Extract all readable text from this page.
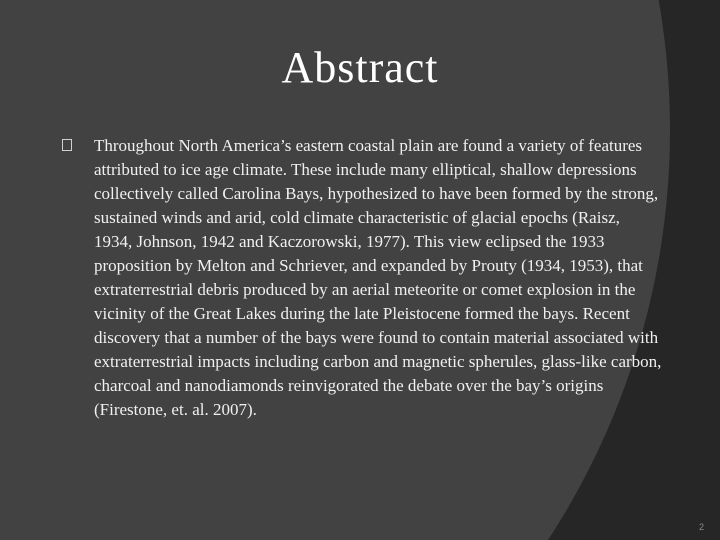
Abstract
Throughout North America’s eastern coastal plain are found a variety of features attributed to ice age climate. These include many elliptical, shallow depressions collectively called Carolina Bays, hypothesized to have been formed by the strong, sustained winds and arid, cold climate characteristic of glacial epochs (Raisz, 1934, Johnson, 1942 and Kaczorowski, 1977). This view eclipsed the 1933 proposition by Melton and Schriever, and expanded by Prouty (1934, 1953), that extraterrestrial debris produced by an aerial meteorite or comet explosion in the vicinity of the Great Lakes during the late Pleistocene formed the bays. Recent discovery that a number of the bays were found to contain material associated with extraterrestrial impacts including carbon and magnetic spherules, glass-like carbon, charcoal and nanodiamonds reinvigorated the debate over the bay’s origins (Firestone, et. al. 2007).
2
